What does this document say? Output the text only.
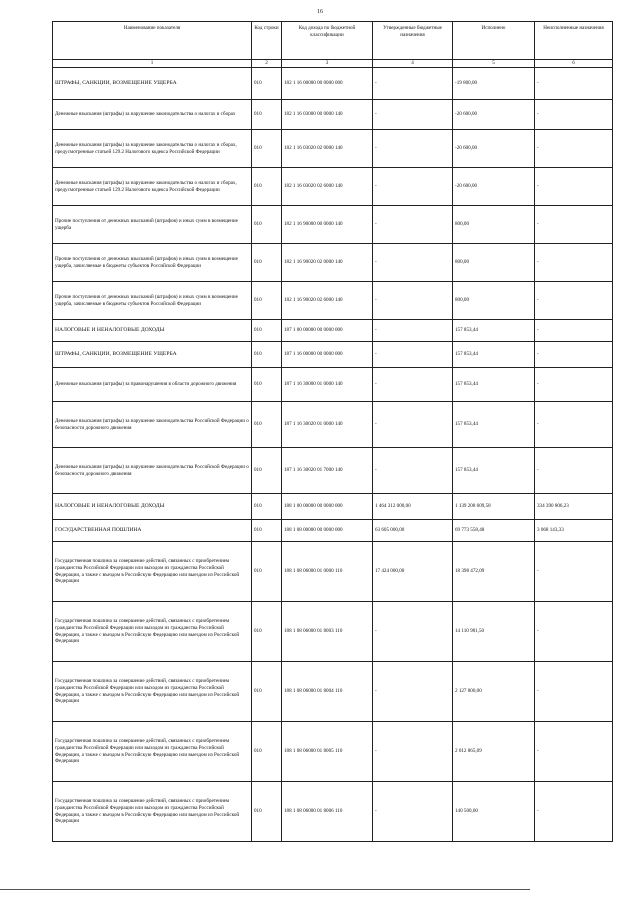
16
Наименование показателя	Код строки	Код дохода по бюджетной классификации	Утвержденные бюджетные назначения	Исполнено	Неисполненные назначения
1	2	3	4	5	6
ШТРАФЫ, САНКЦИИ, ВОЗМЕЩЕНИЕ УЩЕРБА	010	182 1 16 00000 00 0000 000	-	-19 800,00	-
Денежные взыскания (штрафы) за нарушение законодательства о налогах и сборах	010	182 1 16 03000 00 0000 140	-	-20 600,00	-
Денежные взыскания (штрафы) за нарушение законодательства о налогах и сборах, предусмотренные статьей 129.2 Налогового кодекса Российской Федерации	010	182 1 16 03020 02 0000 140	-	-20 600,00	-
Денежные взыскания (штрафы) за нарушение законодательства о налогах и сборах, предусмотренные статьей 129.2 Налогового кодекса Российской Федерации	010	182 1 16 03020 02 6000 140	-	-20 600,00	-
Прочие поступления от денежных взысканий (штрафов) и иных сумм в возмещение ущерба	010	182 1 16 90000 00 0000 140	-	800,00	-
Прочие поступления от денежных взысканий (штрафов) и иных сумм в возмещение ущерба, зачисляемые в бюджеты субъектов Российской Федерации	010	182 1 16 90020 02 0000 140	-	800,00	-
Прочие поступления от денежных взысканий (штрафов) и иных сумм в возмещение ущерба, зачисляемые в бюджеты субъектов Российской Федерации	010	182 1 16 90020 02 6000 140	-	800,00	-
НАЛОГОВЫЕ И НЕНАЛОГОВЫЕ ДОХОДЫ	010	187 1 00 00000 00 0000 000	-	157 853,44	-
ШТРАФЫ, САНКЦИИ, ВОЗМЕЩЕНИЕ УЩЕРБА	010	187 1 16 00000 00 0000 000	-	157 853,44	-
Денежные взыскания (штрафы) за правонарушения в области дорожного движения	010	187 1 16 30000 01 0000 140	-	157 853,44	-
Денежные взыскания (штрафы) за нарушение законодательства Российской Федерации о безопасности дорожного движения	010	187 1 16 30020 01 0000 140	-	157 853,44	-
Денежные взыскания (штрафы) за нарушение законодательства Российской Федерации о безопасности дорожного движения	010	187 1 16 30020 01 7000 140	-	157 853,44	-
НАЛОГОВЫЕ И НЕНАЛОГОВЫЕ ДОХОДЫ	010	188 1 00 00000 00 0000 000	1 464 312 000,00	1 139 208 609,58	334 390 806,23
ГОСУДАРСТВЕННАЯ ПОШЛИНА	010	188 1 08 00000 00 0000 000	63 605 000,00	69 773 558,48	3 068 143,33
Государственная пошлина за совершение действий, связанных с приобретением гражданства Российской Федерации или выходом из гражданства Российской Федерации, а также с въездом в Российскую Федерацию или выездом из Российской Федерации	010	188 1 08 06000 01 0000 110	17 424 000,00	18 398 472,09	-
Государственная пошлина за совершение действий, связанных с приобретением гражданства Российской Федерации или выходом из гражданства Российской Федерации, а также с въездом в Российскую Федерацию или выездом из Российской Федерации	010	188 1 08 06000 01 8003 110	-	14 110 981,50	-
Государственная пошлина за совершение действий, связанных с приобретением гражданства Российской Федерации или выходом из гражданства Российской Федерации, а также с въездом в Российскую Федерацию или выездом из Российской Федерации	010	188 1 08 06000 01 8004 110	-	2 127 800,00	-
Государственная пошлина за совершение действий, связанных с приобретением гражданства Российской Федерации или выходом из гражданства Российской Федерации, а также с въездом в Российскую Федерацию или выездом из Российской Федерации	010	188 1 08 06000 01 8005 110	-	2 012 865,09	-
Государственная пошлина за совершение действий, связанных с приобретением гражданства Российской Федерации или выходом из гражданства Российской Федерации, а также с въездом в Российскую Федерацию или выездом из Российской Федерации	010	188 1 08 06000 01 8006 110	-	140 500,00	-
